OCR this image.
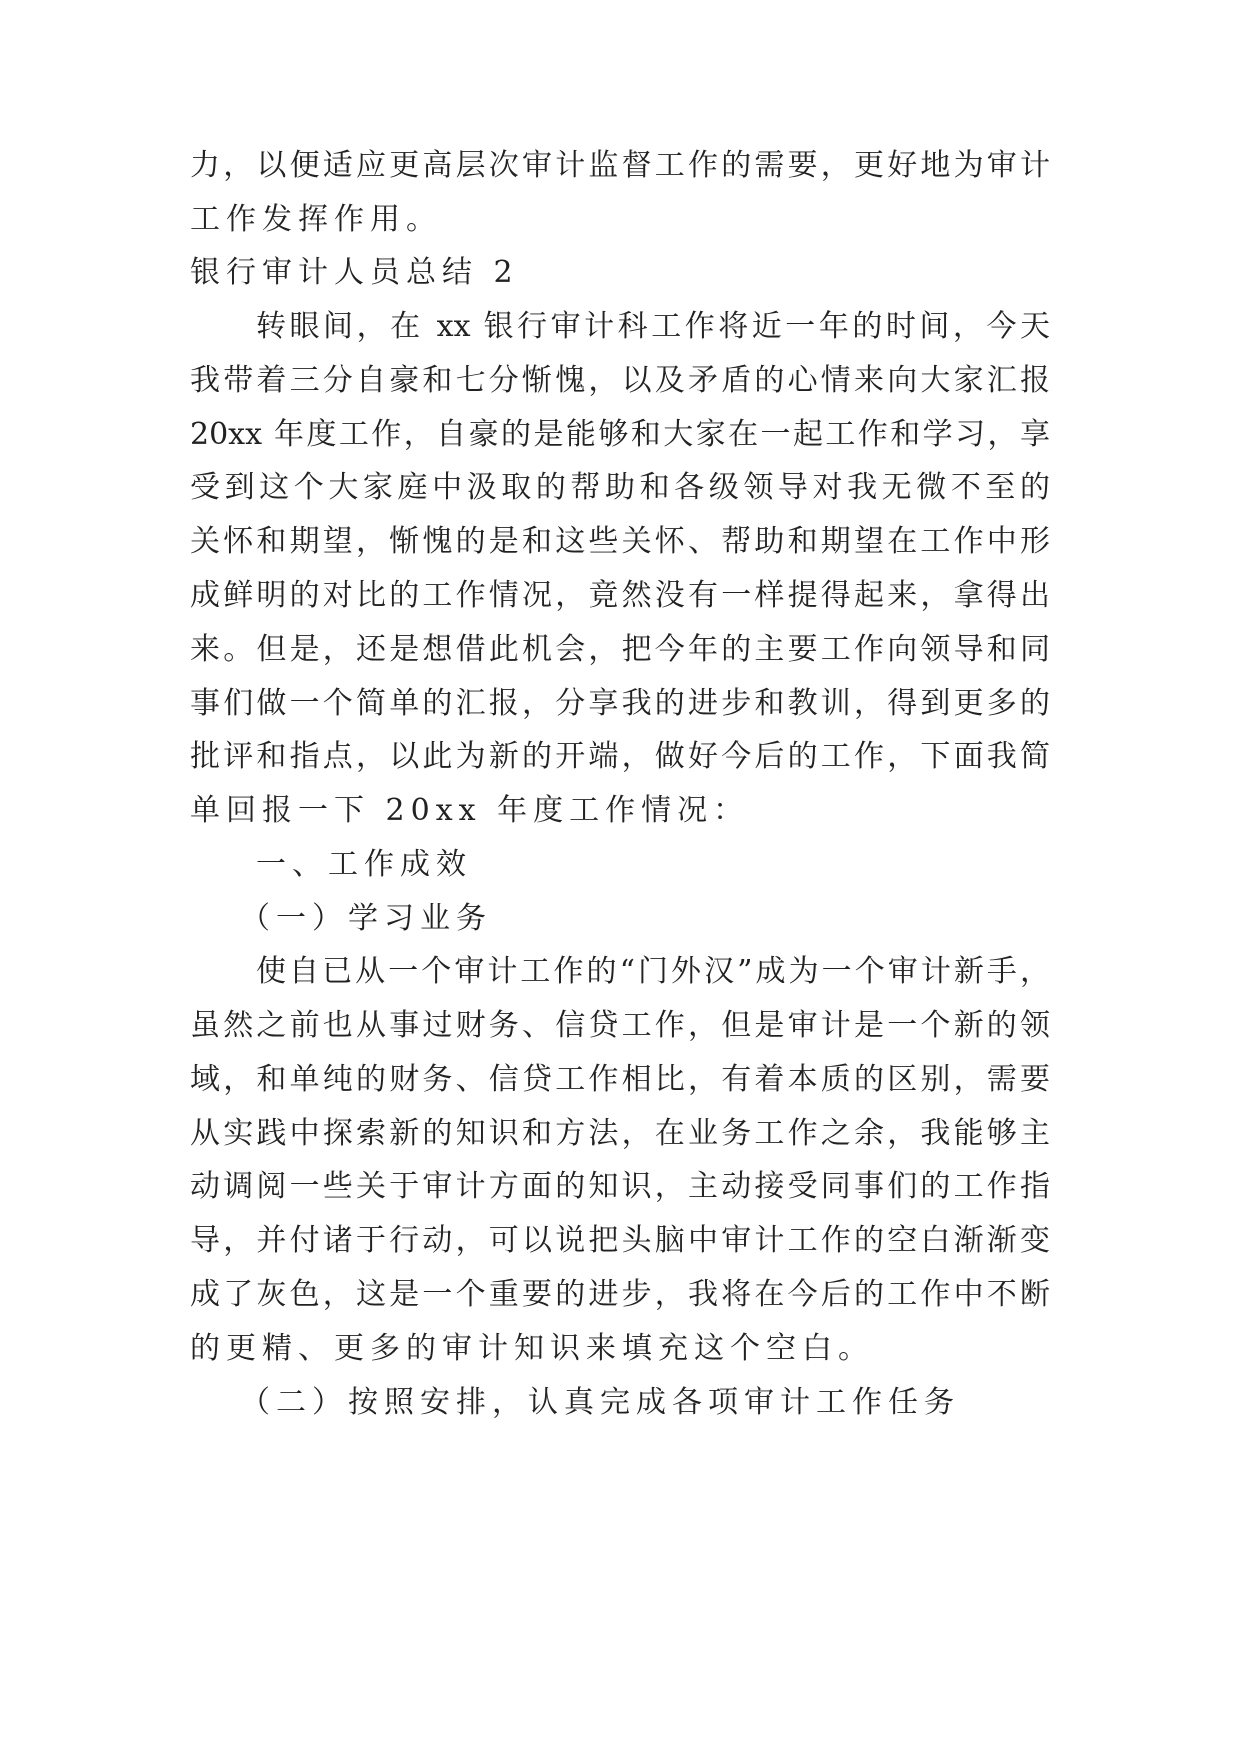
力，以便适应更高层次审计监督工作的需要，更好地为审计
工作发挥作用。
银行审计人员总结 2
转眼间，在 xx 银行审计科工作将近一年的时间，今天
我带着三分自豪和七分惭愧，以及矛盾的心情来向大家汇报
20xx 年度工作，自豪的是能够和大家在一起工作和学习，享
受到这个大家庭中汲取的帮助和各级领导对我无微不至的
关怀和期望，惭愧的是和这些关怀、帮助和期望在工作中形
成鲜明的对比的工作情况，竟然没有一样提得起来，拿得出
来。但是，还是想借此机会，把今年的主要工作向领导和同
事们做一个简单的汇报，分享我的进步和教训，得到更多的
批评和指点，以此为新的开端，做好今后的工作，下面我简
单回报一下 20xx 年度工作情况：
一、工作成效
（一）学习业务
使自已从一个审计工作的“门外汉”成为一个审计新手，
虽然之前也从事过财务、信贷工作，但是审计是一个新的领
域，和单纯的财务、信贷工作相比，有着本质的区别，需要
从实践中探索新的知识和方法，在业务工作之余，我能够主
动调阅一些关于审计方面的知识，主动接受同事们的工作指
导，并付诸于行动，可以说把头脑中审计工作的空白渐渐变
成了灰色，这是一个重要的进步，我将在今后的工作中不断
的更精、更多的审计知识来填充这个空白。
（二）按照安排，认真完成各项审计工作任务
